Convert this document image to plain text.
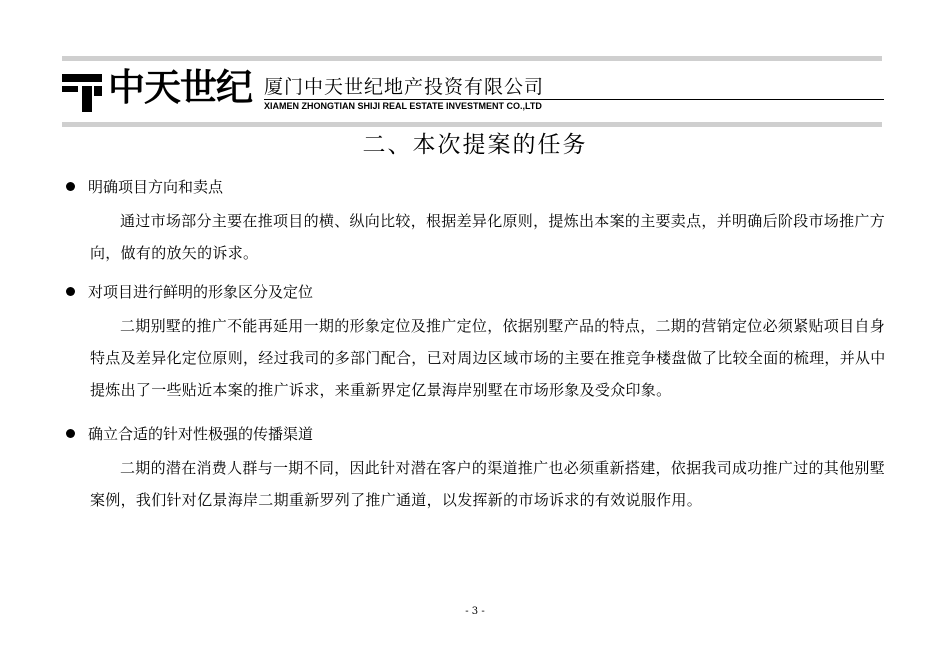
中天世纪 厦门中天世纪地产投资有限公司
XIAMEN ZHONGTIAN SHIJI REAL ESTATE INVESTMENT CO.,LTD
二、本次提案的任务
明确项目方向和卖点
通过市场部分主要在推项目的横、纵向比较，根据差异化原则，提炼出本案的主要卖点，并明确后阶段市场推广方向，做有的放矢的诉求。
对项目进行鲜明的形象区分及定位
二期别墅的推广不能再延用一期的形象定位及推广定位，依据别墅产品的特点，二期的营销定位必须紧贴项目自身特点及差异化定位原则，经过我司的多部门配合，已对周边区域市场的主要在推竞争楼盘做了比较全面的梳理，并从中提炼出了一些贴近本案的推广诉求，来重新界定亿景海岸别墅在市场形象及受众印象。
确立合适的针对性极强的传播渠道
二期的潜在消费人群与一期不同，因此针对潜在客户的渠道推广也必须重新搭建，依据我司成功推广过的其他别墅案例，我们针对亿景海岸二期重新罗列了推广通道，以发挥新的市场诉求的有效说服作用。
- 3 -
